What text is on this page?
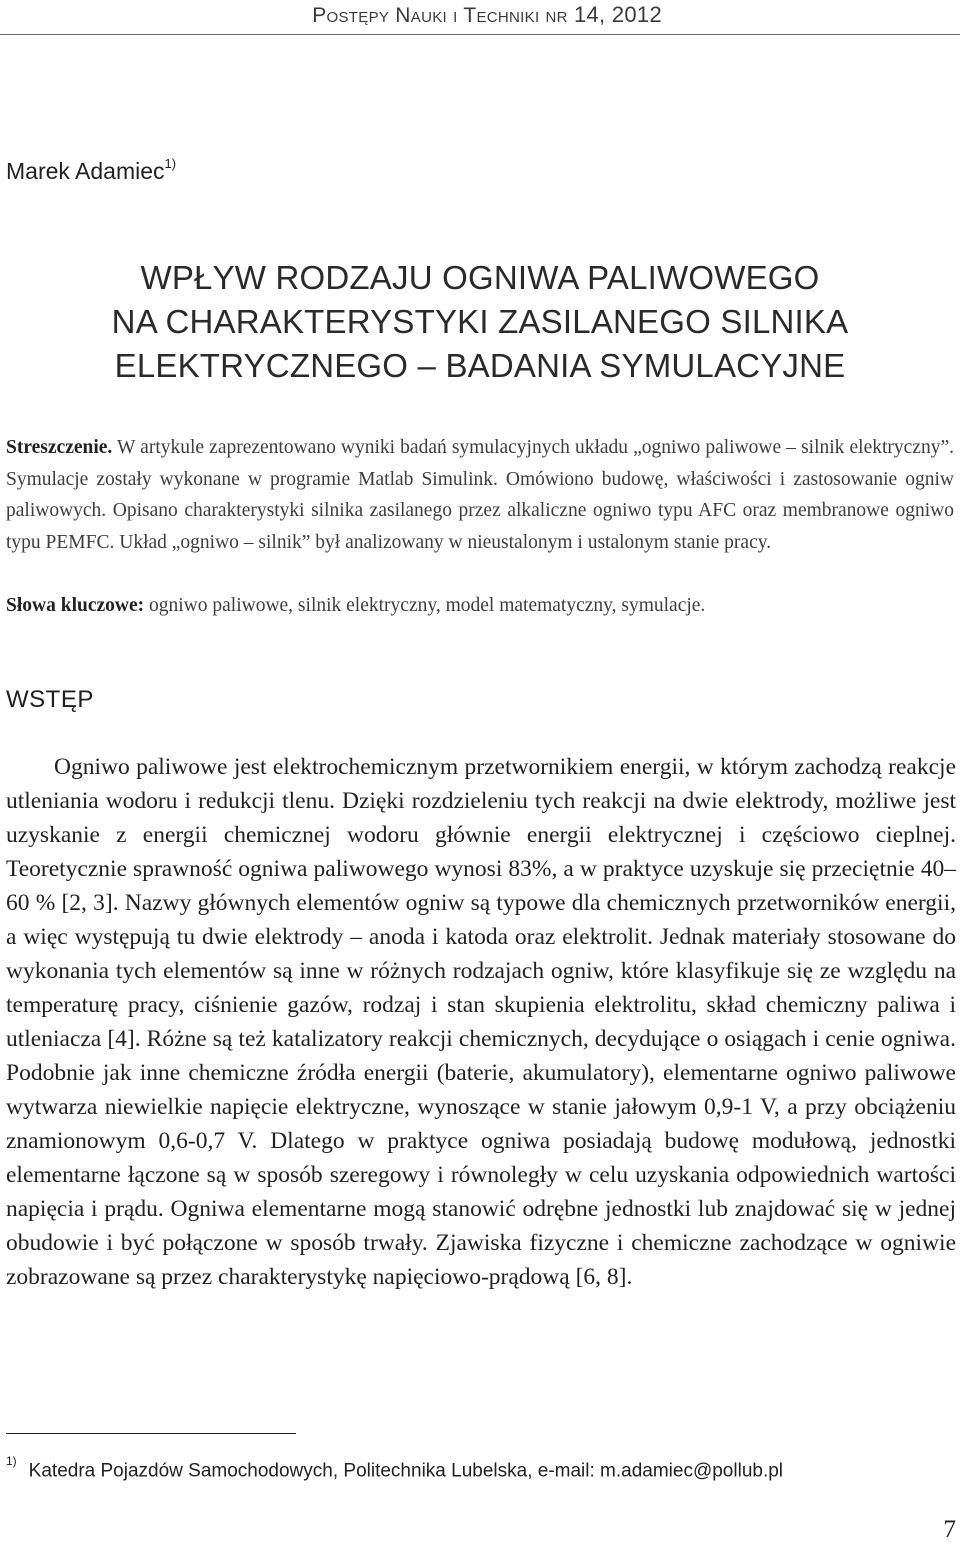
Postępy Nauki i Techniki nr 14, 2012
Marek Adamiec$^{1)}$
WPŁYW RODZAJU OGNIWA PALIWOWEGO
NA CHARAKTERYSTYKI ZASILANEGO SILNIKA
ELEKTRYCZNEGO – BADANIA SYMULACYJNE
Streszczenie. W artykule zaprezentowano wyniki badań symulacyjnych układu „ogniwo paliwowe – silnik elektryczny”. Symulacje zostały wykonane w programie Matlab Simulink. Omówiono budowę, właściwości i zastosowanie ogniw paliwowych. Opisano charakterystyki silnika zasilanego przez alkaliczne ogniwo typu AFC oraz membranowe ogniwo typu PEMFC. Układ „ogniwo – silnik” był analizowany w nieustalonym i ustalonym stanie pracy.
Słowa kluczowe: ogniwo paliwowe, silnik elektryczny, model matematyczny, symulacje.
WSTĘP
Ogniwo paliwowe jest elektrochemicznym przetwornikiem energii, w którym zachodzą reakcje utleniania wodoru i redukcji tlenu. Dzięki rozdzieleniu tych reakcji na dwie elektrody, możliwe jest uzyskanie z energii chemicznej wodoru głównie energii elektrycznej i częściowo cieplnej. Teoretycznie sprawność ogniwa paliwowego wynosi 83%, a w praktyce uzyskuje się przeciętnie 40–60 % [2, 3]. Nazwy głównych elementów ogniw są typowe dla chemicznych przetworników energii, a więc występują tu dwie elektrody – anoda i katoda oraz elektrolit. Jednak materiały stosowane do wykonania tych elementów są inne w różnych rodzajach ogniw, które klasyfikuje się ze względu na temperaturę pracy, ciśnienie gazów, rodzaj i stan skupienia elektrolitu, skład chemiczny paliwa i utleniacza [4]. Różne są też katalizatory reakcji chemicznych, decydujące o osiągach i cenie ogniwa. Podobnie jak inne chemiczne źródła energii (baterie, akumulatory), elementarne ogniwo paliwowe wytwarza niewielkie napięcie elektryczne, wynoszące w stanie jałowym 0,9-1 V, a przy obciążeniu znamionowym 0,6-0,7 V. Dlatego w praktyce ogniwa posiadają budowę modułową, jednostki elementarne łączone są w sposób szeregowy i równoległy w celu uzyskania odpowiednich wartości napięcia i prądu. Ogniwa elementarne mogą stanowić odrębne jednostki lub znajdować się w jednej obudowie i być połączone w sposób trwały. Zjawiska fizyczne i chemiczne zachodzące w ogniwie zobrazowane są przez charakterystykę napięciowo-prądową [6, 8].
$^{1)}$ Katedra Pojazdów Samochodowych, Politechnika Lubelska, e-mail: m.adamiec@pollub.pl
7
